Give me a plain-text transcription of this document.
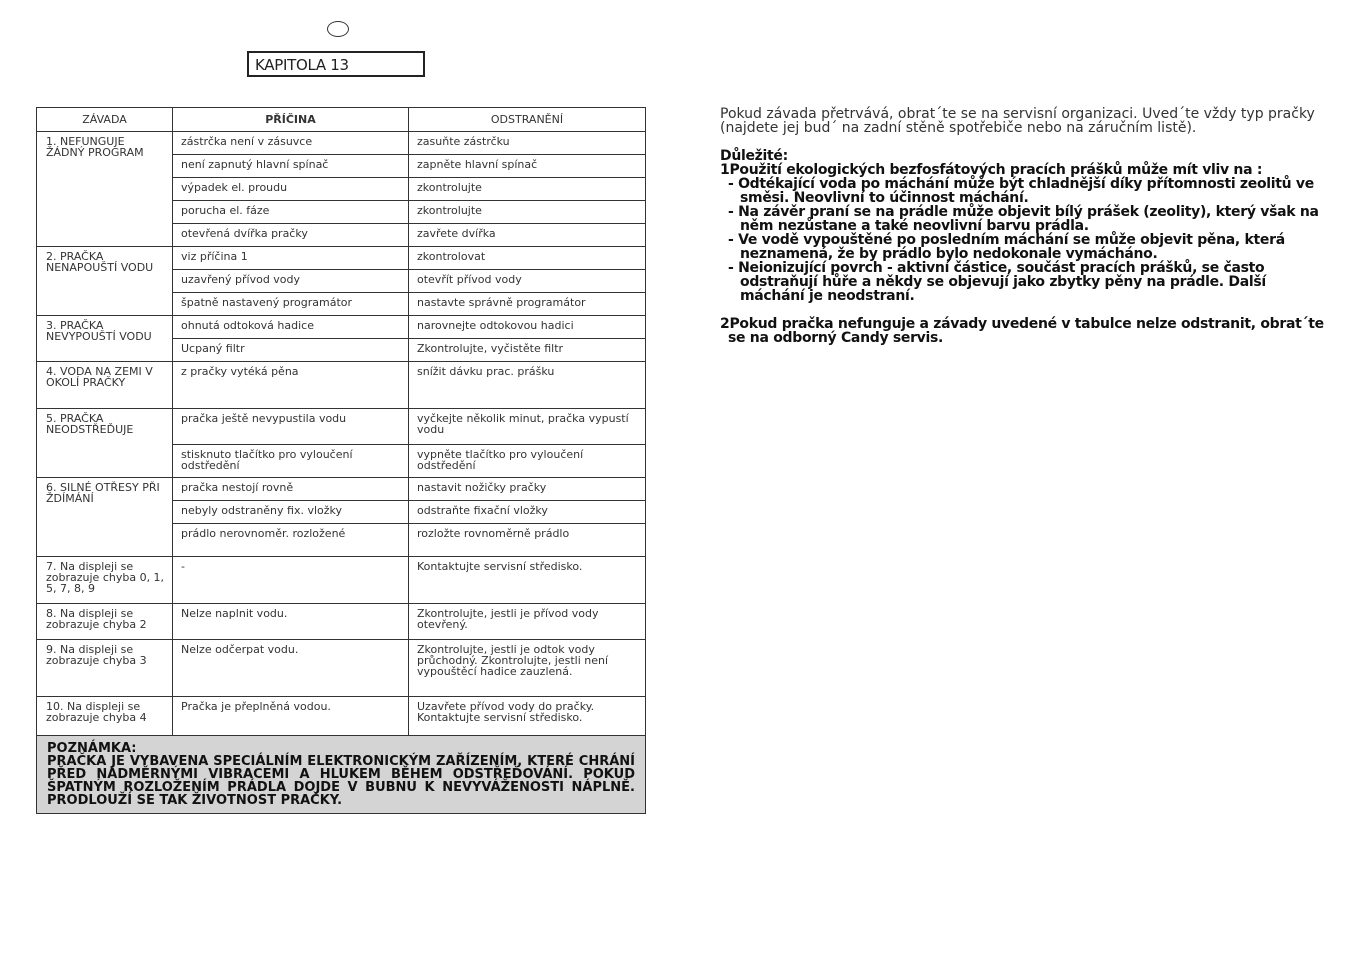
KAPITOLA 13
ZÁVADA	PŘÍČINA	ODSTRANĚNÍ
1. NEFUNGUJE ŽÁDNÝ PROGRAM	zástrčka není v zásuvce	zasuňte zástrčku
	není zapnutý hlavní spínač	zapněte hlavní spínač
	výpadek el. proudu	zkontrolujte
	porucha el. fáze	zkontrolujte
	otevřená dvířka pračky	zavřete dvířka
2. PRAČKA NENAPOUŠTÍ VODU	viz příčina 1	zkontrolovat
	uzavřený přívod vody	otevřít přívod vody
	špatně nastavený programátor	nastavte správně programátor
3. PRAČKA NEVYPOUŠTÍ VODU	ohnutá odtoková hadice	narovnejte odtokovou hadici
	Ucpaný filtr	Zkontrolujte, vyčistěte filtr
4. VODA NA ZEMI V OKOLÍ PRAČKY	z pračky vytéká pěna	snížit dávku prac. prášku
5. PRAČKA NEODSTŘEĎUJE	pračka ještě nevypustila vodu	vyčkejte několik minut, pračka vypustí vodu
	stisknuto tlačítko pro vyloučení odstředění	vypněte tlačítko pro vyloučení odstředění
6. SILNÉ OTŘESY PŘI ŽDÍMÁNÍ	pračka nestojí rovně	nastavit nožičky pračky
	nebyly odstraněny fix. vložky	odstraňte fixační vložky
	prádlo nerovnoměr. rozložené	rozložte rovnoměrně prádlo
7. Na displeji se zobrazuje chyba 0, 1, 5, 7, 8, 9	-	Kontaktujte servisní středisko.
8. Na displeji se zobrazuje chyba 2	Nelze naplnit vodu.	Zkontrolujte, jestli je přívod vody otevřený.
9. Na displeji se zobrazuje chyba 3	Nelze odčerpat vodu.	Zkontrolujte, jestli je odtok vody průchodný. Zkontrolujte, jestli není vypouštěcí hadice zauzlená.
10. Na displeji se zobrazuje chyba 4	Pračka je přeplněná vodou.	Uzavřete přívod vody do pračky. Kontaktujte servisní středisko.

POZNÁMKA:
PRAČKA JE VYBAVENA SPECIÁLNÍM ELEKTRONICKÝM ZAŘÍZENÍM, KTERÉ CHRÁNÍ PŘED NADMĚRNÝMI VIBRACEMI A HLUKEM BĚHEM ODSTŘEĎOVÁNÍ. POKUD ŠPATNÝM ROZLOŽENÍM PRÁDLA DOJDE V BUBNU K NEVYVÁŽENOSTI NÁPLNĚ. PRODLOUŽÍ SE TAK ŽIVOTNOST PRAČKY.		

Pokud závada přetrvává, obrat´te se na servisní organizaci. Uved´te vždy typ pračky (najdete jej bud´ na zadní stěně spotřebiče nebo na záručním listě).

Důležité:

1Použití ekologických bezfosfátových pracích prášků může mít vliv na :

- Odtékající voda po máchání může být chladnější díky přítomnosti zeolitů ve směsi. Neovlivní to účinnost máchání.

- Na závěr praní se na prádle může objevit bílý prášek (zeolity), který však na něm nezůstane a také neovlivní barvu prádla.

- Ve vodě vypouštěné po posledním máchání se může objevit pěna, která neznamená, že by prádlo bylo nedokonale vymácháno.

- Neionizující povrch - aktivní částice, součást pracích prášků, se často odstraňují hůře a někdy se objevují jako zbytky pěny na prádle. Další máchání je neodstraní.

2Pokud pračka nefunguje a závady uvedené v tabulce nelze odstranit, obrat´te se na odborný Candy servis.
